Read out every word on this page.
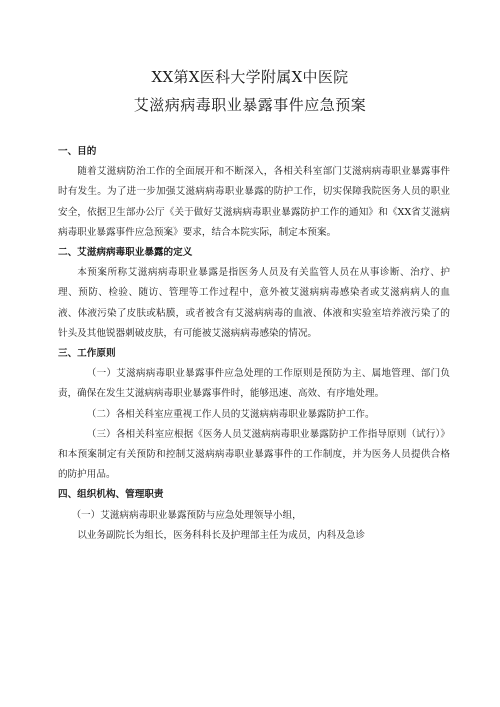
XX第X医科大学附属X中医院
艾滋病病毒职业暴露事件应急预案
一、目的

随着艾滋病防治工作的全面展开和不断深入，各相关科室部门艾滋病病毒职业暴露事件时有发生。为了进一步加强艾滋病病毒职业暴露的防护工作，切实保障我院医务人员的职业安全，依据卫生部办公厅《关于做好艾滋病病毒职业暴露防护工作的通知》和《XX省艾滋病病毒职业暴露事件应急预案》要求，结合本院实际，制定本预案。

二、艾滋病病毒职业暴露的定义

本预案所称艾滋病病毒职业暴露是指医务人员及有关监管人员在从事诊断、治疗、护理、预防、检验、随访、管理等工作过程中，意外被艾滋病病毒感染者或艾滋病病人的血液、体液污染了皮肤或粘膜，或者被含有艾滋病病毒的血液、体液和实验室培养液污染了的针头及其他锐器刺破皮肤，有可能被艾滋病病毒感染的情况。

三、工作原则

（一）艾滋病病毒职业暴露事件应急处理的工作原则是预防为主、属地管理、部门负责，确保在发生艾滋病病毒职业暴露事件时，能够迅速、高效、有序地处理。

（二）各相关科室应重视工作人员的艾滋病病毒职业暴露防护工作。

（三）各相关科室应根据《医务人员艾滋病病毒职业暴露防护工作指导原则（试行）》和本预案制定有关预防和控制艾滋病病毒职业暴露事件的工作制度，并为医务人员提供合格的防护用品。

四、组织机构、管理职责

（一）艾滋病病毒职业暴露预防与应急处理领导小组，

以业务副院长为组长，医务科科长及护理部主任为成员，内科及急诊
